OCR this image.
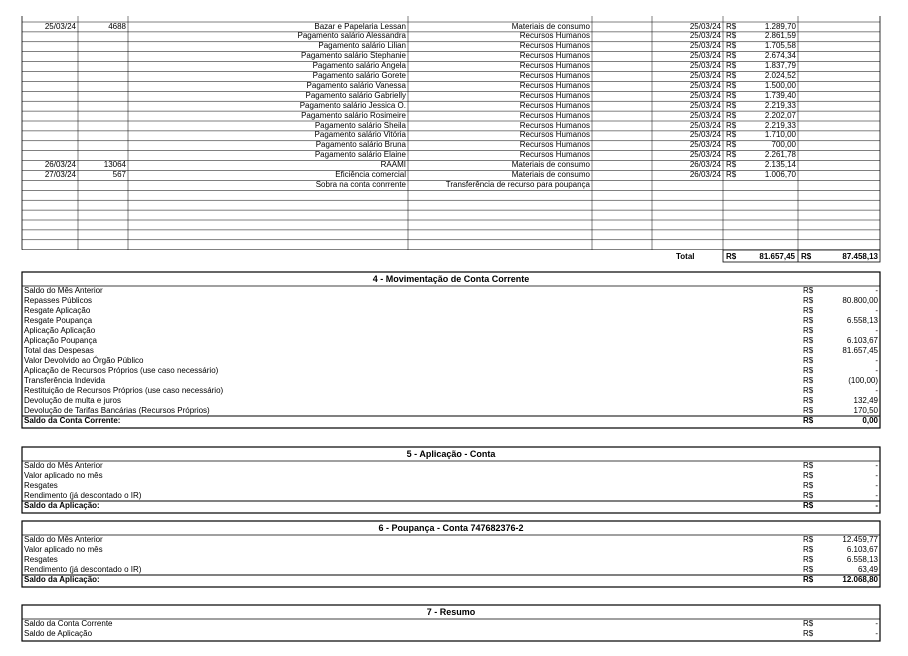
25/03/24	4688	Bazar e Papelaria Lessan	Materiais de consumo	25/03/24 R$	1.289,70
Pagamento salário Alessandra	Recursos Humanos	25/03/24 R$	2.861,59
Pagamento salário Lilian	Recursos Humanos	25/03/24 R$	1.705,58
Pagamento salário Stephanie	Recursos Humanos	25/03/24 R$	2.674,34
Pagamento salário Angela	Recursos Humanos	25/03/24 R$	1.837,79
Pagamento salário Gorete	Recursos Humanos	25/03/24 R$	2.024,52
Pagamento salário Vanessa	Recursos Humanos	25/03/24 R$	1.500,00
Pagamento salário Gabrielly	Recursos Humanos	25/03/24 R$	1.739,40
Pagamento salário Jessica O.	Recursos Humanos	25/03/24 R$	2.219,33
Pagamento salário Rosimeire	Recursos Humanos	25/03/24 R$	2.202,07
Pagamento salário Sheila	Recursos Humanos	25/03/24 R$	2.219,33
Pagamento salário Vitória	Recursos Humanos	25/03/24 R$	1.710,00
Pagamento salário Bruna	Recursos Humanos	25/03/24 R$	700,00
Pagamento salário Elaine	Recursos Humanos	25/03/24 R$	2.261,78
26/03/24	13064	RAAMI	Materiais de consumo	26/03/24 R$	2.135,14
27/03/24	567	Eficiência comercial	Materiais de consumo	26/03/24 R$	1.006,70
Sobra na conta conrrente	Transferência de recurso para poupança
Total	R$	81.657,45 R$	87.458,13
4 - Movimentação de Conta Corrente
Saldo do Mês Anterior	R$	-
Repasses Públicos	R$	80.800,00
Resgate Aplicação	R$	-
Resgate Poupança	R$	6.558,13
Aplicação Aplicação	R$	-
Aplicação Poupança	R$	6.103,67
Total das Despesas	R$	81.657,45
Valor Devolvido ao Órgão Público	R$	-
Aplicação de Recursos Próprios (use caso necessário)	R$	-
Transferência Indevida	R$	(100,00)
Restituição de Recursos Próprios (use caso necessário)	R$	-
Devolução de multa e juros	R$	132,49
Devolução de Tarifas Bancárias (Recursos Próprios)	R$	170,50
Saldo da Conta Corrente:	R$	0,00
5 - Aplicação - Conta
Saldo do Mês Anterior	R$	-
Valor aplicado no mês	R$	-
Resgates	R$	-
Rendimento (já descontado o IR)	R$	-
Saldo da Aplicação:	R$	-
6 - Poupança - Conta 747682376-2
Saldo do Mês Anterior	R$	12.459,77
Valor aplicado no mês	R$	6.103,67
Resgates	R$	6.558,13
Rendimento (já descontado o IR)	R$	63,49
Saldo da Aplicação:	R$	12.068,80
7 - Resumo
Saldo da Conta Corrente	R$	-
Saldo de Aplicação	R$	-
